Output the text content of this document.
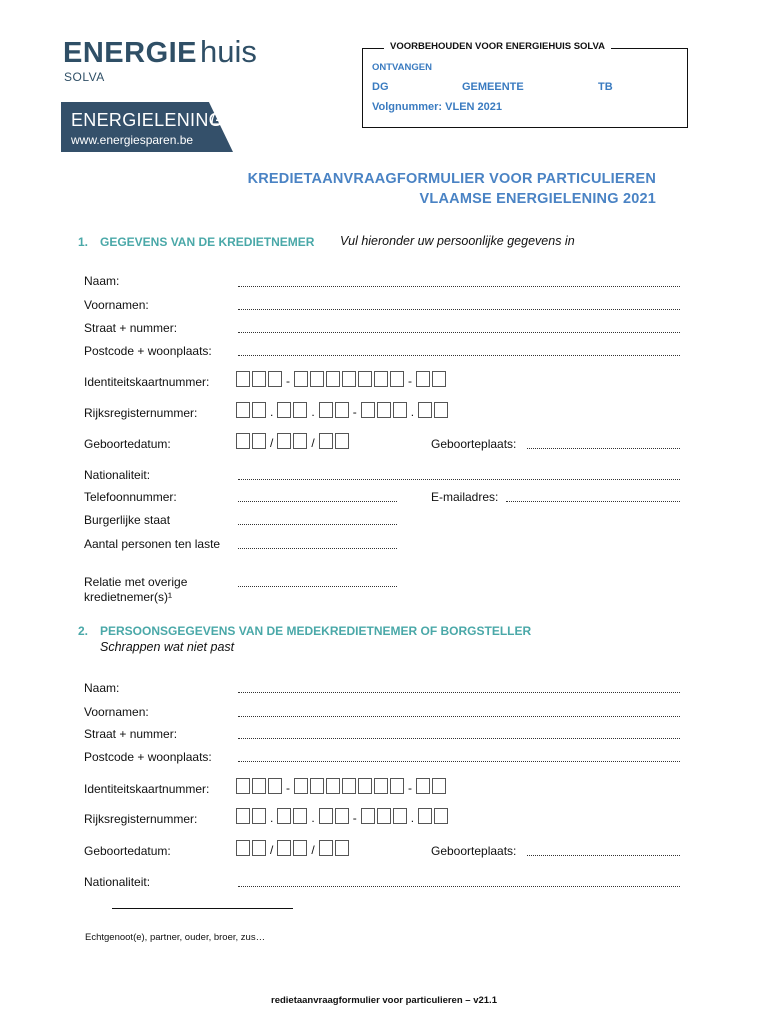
ENERGIEhuis
SOLVA
ENERGIELENING
www.energiesparen.be
VOORBEHOUDEN VOOR ENERGIEHUIS SOLVA
ONTVANGEN
DG	GEMEENTE	TB
Volgnummer: VLEN 2021
KREDIETAANVRAAGFORMULIER VOOR PARTICULIEREN
VLAAMSE ENERGIELENING 2021
1. GEGEVENS VAN DE KREDIETNEMER Vul hieronder uw persoonlijke gegevens in
Naam:
Voornamen:
Straat + nummer:
Postcode + woonplaats:
Identiteitskaartnummer:	-	-
Rijksregisternummer:	.	.	-	.
Geboortedatum:	/	/	Geboorteplaats:
Nationaliteit:
Telefoonnummer:	E-mailadres:
Burgerlijke staat
Aantal personen ten laste
Relatie met overige kredietnemer(s)¹
2. PERSOONSGEGEVENS VAN DE MEDEKREDIETNEMER OF BORGSTELLER
Schrappen wat niet past
Naam:
Voornamen:
Straat + nummer:
Postcode + woonplaats:
Identiteitskaartnummer:	-	-
Rijksregisternummer:	.	.	-	.
Geboortedatum:	/	/	Geboorteplaats:
Nationaliteit:
Echtgenoot(e), partner, ouder, broer, zus…
redietaanvraagformulier voor particulieren – v21.1
